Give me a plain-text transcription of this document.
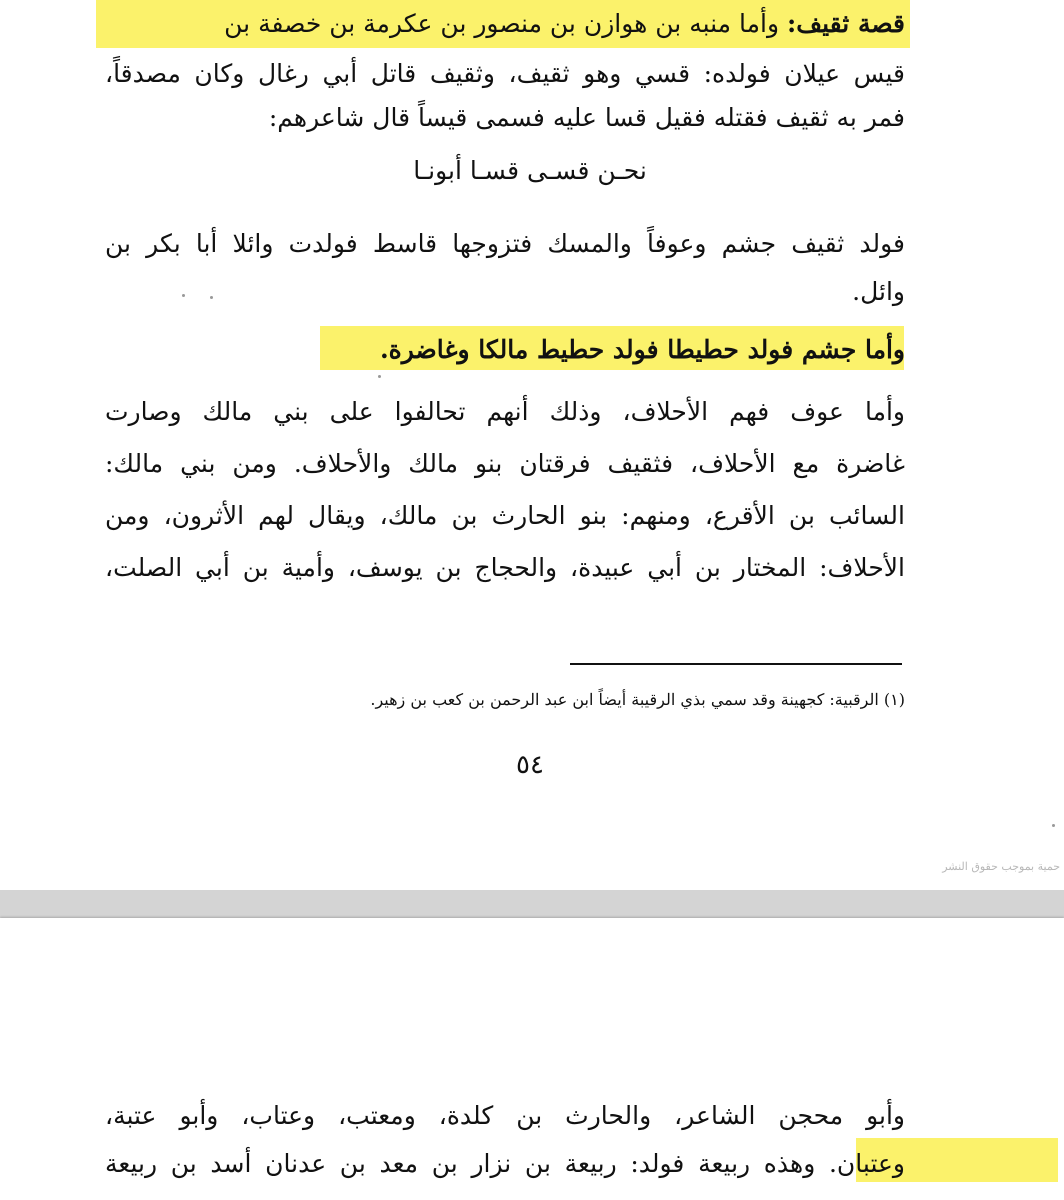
قصة ثقيف: وأما منبه بن هوازن بن منصور بن عكرمة بن خصفة بن
قيس عيلان فولده: قسي وهو ثقيف، وثقيف قاتل أبي رغال وكان مصدقاً،
فمر به ثقيف فقتله فقيل قسا عليه فسمى قيساً قال شاعرهم:
نحـن قسـى قسـا أبونـا
فولد ثقيف جشم وعوفاً والمسك فتزوجها قاسط فولدت وائلا أبا بكر بن
وائل.
وأما جشم فولد حطيطا فولد حطيط مالكا وغاضرة.
وأما عوف فهم الأحلاف، وذلك أنهم تحالفوا على بني مالك وصارت
غاضرة مع الأحلاف، فثقيف فرقتان بنو مالك والأحلاف. ومن بني مالك:
السائب بن الأقرع، ومنهم: بنو الحارث بن مالك، ويقال لهم الأثرون، ومن
الأحلاف: المختار بن أبي عبيدة، والحجاج بن يوسف، وأمية بن أبي الصلت،
(١) الرقبية: كجهينة وقد سمي بذي الرقيبة أيضاً ابن عبد الرحمن بن كعب بن زهير.
٥٤
حمية بموجب حقوق النشر
وأبو محجن الشاعر، والحارث بن كلدة، ومعتب، وعتاب، وأبو عتبة،
وعتبان. وهذه ربيعة فولد: ربيعة بن نزار بن معد بن عدنان أسد بن ربيعة
